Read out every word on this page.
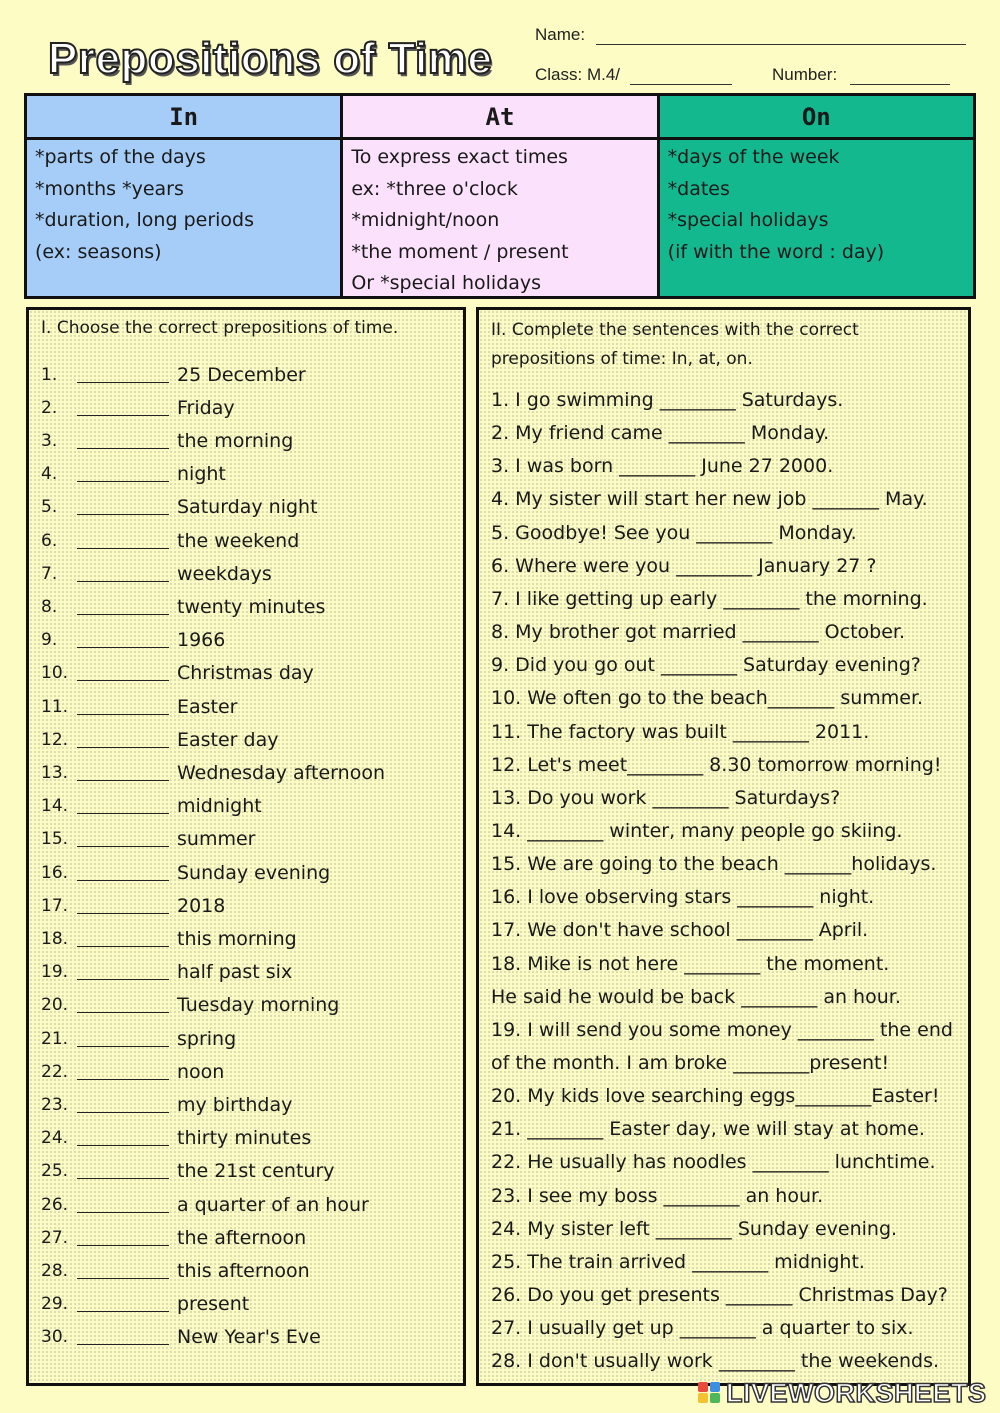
Prepositions of Time	Name:
Class: M.4/	Number:
In
*parts of the days
*months *years
*duration, long periods
(ex: seasons)
At
To express exact times
ex: *three o'clock
*midnight/noon
*the moment / present
Or *special holidays
On
*days of the week
*dates
*special holidays
(if with the word : day)
I. Choose the correct prepositions of time.
1.	25 December
2.	Friday
3.	the morning
4.	night
5.	Saturday night
6.	the weekend
7.	weekdays
8.	twenty minutes
9.	1966
10.	Christmas day
11.	Easter
12.	Easter day
13.	Wednesday afternoon
14.	midnight
15.	summer
16.	Sunday evening
17.	2018
18.	this morning
19.	half past six
20.	Tuesday morning
21.	spring
22.	noon
23.	my birthday
24.	thirty minutes
25.	the 21st century
26.	a quarter of an hour
27.	the afternoon
28.	this afternoon
29.	present
30.	New Year's Eve
II. Complete the sentences with the correct
prepositions of time: In, at, on.
1. I go swimming ________ Saturdays.
2. My friend came ________ Monday.
3. I was born ________ June 27 2000.
4. My sister will start her new job _______ May.
5. Goodbye! See you ________ Monday.
6. Where were you ________ January 27 ?
7. I like getting up early ________ the morning.
8. My brother got married ________ October.
9. Did you go out ________ Saturday evening?
10. We often go to the beach_______ summer.
11. The factory was built ________ 2011.
12. Let's meet________ 8.30 tomorrow morning!
13. Do you work ________ Saturdays?
14. ________ winter, many people go skiing.
15. We are going to the beach _______holidays.
16. I love observing stars ________ night.
17. We don't have school ________ April.
18. Mike is not here ________ the moment.
He said he would be back ________ an hour.
19. I will send you some money ________ the end
of the month. I am broke ________present!
20. My kids love searching eggs________Easter!
21. ________ Easter day, we will stay at home.
22. He usually has noodles ________ lunchtime.
23. I see my boss ________ an hour.
24. My sister left ________ Sunday evening.
25. The train arrived ________ midnight.
26. Do you get presents _______ Christmas Day?
27. I usually get up ________ a quarter to six.
28. I don't usually work ________ the weekends.
LIVEWORKSHEETS
